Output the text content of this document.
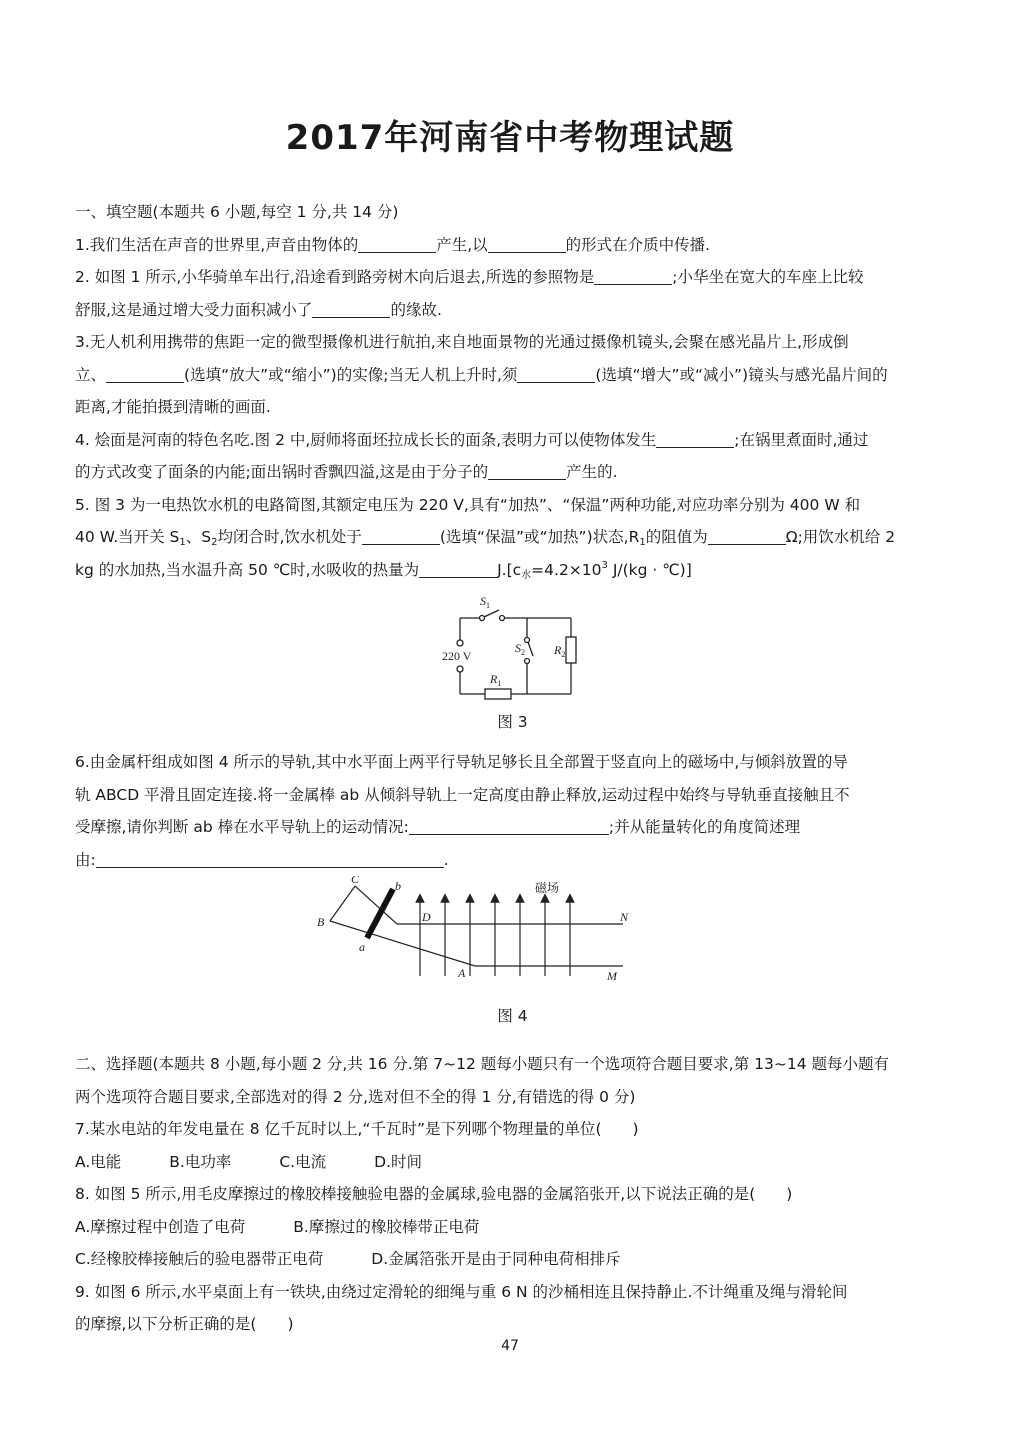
2017年河南省中考物理试题
一、填空题(本题共 6 小题,每空 1 分,共 14 分)
1.我们生活在声音的世界里,声音由物体的	产生,以	的形式在介质中传播.
2. 如图 1 所示,小华骑单车出行,沿途看到路旁树木向后退去,所选的参照物是	;小华坐在宽大的车座上比较
舒服,这是通过增大受力面积减小了	的缘故.
3.无人机利用携带的焦距一定的微型摄像机进行航拍,来自地面景物的光通过摄像机镜头,会聚在感光晶片上,形成倒
立、	(选填“放大”或“缩小”)的实像;当无人机上升时,须	(选填“增大”或“减小”)镜头与感光晶片间的
距离,才能拍摄到清晰的画面.
4. 烩面是河南的特色名吃.图 2 中,厨师将面坯拉成长长的面条,表明力可以使物体发生	;在锅里煮面时,通过
的方式改变了面条的内能;面出锅时香飘四溢,这是由于分子的	产生的.
5. 图 3 为一电热饮水机的电路简图,其额定电压为 220 V,具有“加热”、“保温”两种功能,对应功率分别为 400 W 和
40 W.当开关 $S_1$、$S_2$均闭合时,饮水机处于	(选填“保温”或“加热”)状态$,R_1$的阻值为	Ω;用饮水机给 2
kg 的水加热,当水温升高 50 ℃时,水吸收的热量为	$J.[c_水=4.2\times 10^3$ J/(kg · ℃)]
$S_1$
$S_2$
$R_1$
$R_2$
220 V
图 3
6.由金属杆组成如图 4 所示的导轨,其中水平面上两平行导轨足够长且全部置于竖直向上的磁场中,与倾斜放置的导
轨 ABCD 平滑且固定连接.将一金属棒 ab 从倾斜导轨上一定高度由静止释放,运动过程中始终与导轨垂直接触且不
受摩擦,请你判断 ab 棒在水平导轨上的运动情况:	;并从能量转化的角度简述理
由:	.
C	b
B
a
D	N
A	M
磁场
图 4
二、选择题(本题共 8 小题,每小题 2 分,共 16 分.第 7~12 题每小题只有一个选项符合题目要求,第 13~14 题每小题有
两个选项符合题目要求,全部选对的得 2 分,选对但不全的得 1 分,有错选的得 0 分)
7.某水电站的年发电量在 8 亿千瓦时以上,“千瓦时”是下列哪个物理量的单位(　　)
A.电能	B.电功率	C.电流	D.时间
8. 如图 5 所示,用毛皮摩擦过的橡胶棒接触验电器的金属球,验电器的金属箔张开,以下说法正确的是(　　)
A.摩擦过程中创造了电荷	B.摩擦过的橡胶棒带正电荷
C.经橡胶棒接触后的验电器带正电荷	D.金属箔张开是由于同种电荷相排斥
9. 如图 6 所示,水平桌面上有一铁块,由绕过定滑轮的细绳与重 6 N 的沙桶相连且保持静止.不计绳重及绳与滑轮间
的摩擦,以下分析正确的是(　　)
47
